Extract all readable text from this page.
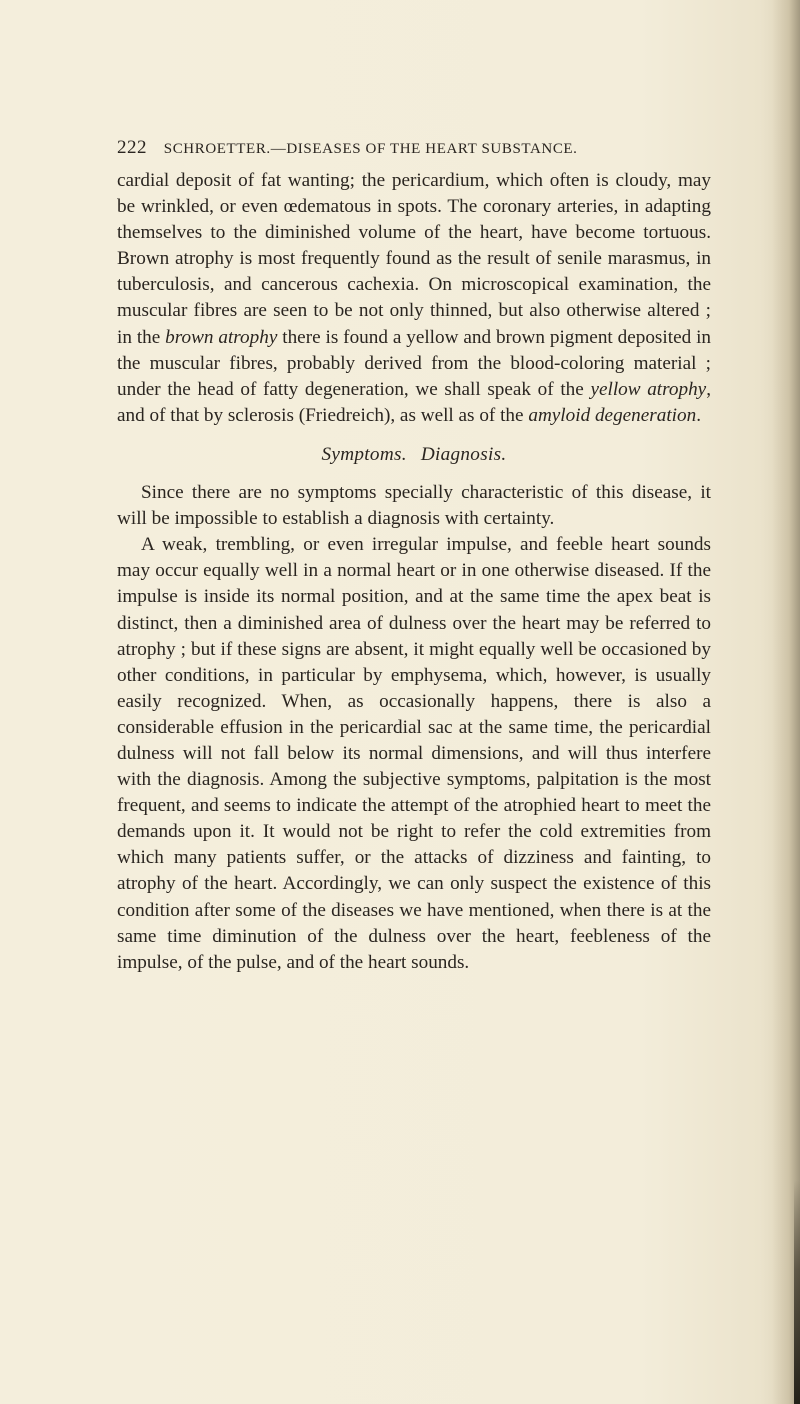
222 SCHROETTER.—DISEASES OF THE HEART SUBSTANCE.

cardial deposit of fat wanting; the pericardium, which often is cloudy, may be wrinkled, or even œdematous in spots. The coronary arteries, in adapting themselves to the diminished volume of the heart, have become tortuous. Brown atrophy is most frequently found as the result of senile marasmus, in tuberculosis, and cancerous cachexia. On microscopical examination, the muscular fibres are seen to be not only thinned, but also otherwise altered ; in the brown atrophy there is found a yellow and brown pigment deposited in the muscular fibres, probably derived from the blood-coloring material ; under the head of fatty degeneration, we shall speak of the yellow atrophy, and of that by sclerosis (Friedreich), as well as of the amyloid degeneration.

Symptoms. Diagnosis.

Since there are no symptoms specially characteristic of this disease, it will be impossible to establish a diagnosis with certainty.

A weak, trembling, or even irregular impulse, and feeble heart sounds may occur equally well in a normal heart or in one otherwise diseased. If the impulse is inside its normal position, and at the same time the apex beat is distinct, then a diminished area of dulness over the heart may be referred to atrophy ; but if these signs are absent, it might equally well be occasioned by other conditions, in particular by emphysema, which, however, is usually easily recognized. When, as occasionally happens, there is also a considerable effusion in the pericardial sac at the same time, the pericardial dulness will not fall below its normal dimensions, and will thus interfere with the diagnosis. Among the subjective symptoms, palpitation is the most frequent, and seems to indicate the attempt of the atrophied heart to meet the demands upon it. It would not be right to refer the cold extremities from which many patients suffer, or the attacks of dizziness and fainting, to atrophy of the heart. Accordingly, we can only suspect the existence of this condition after some of the diseases we have mentioned, when there is at the same time diminution of the dulness over the heart, feebleness of the impulse, of the pulse, and of the heart sounds.
